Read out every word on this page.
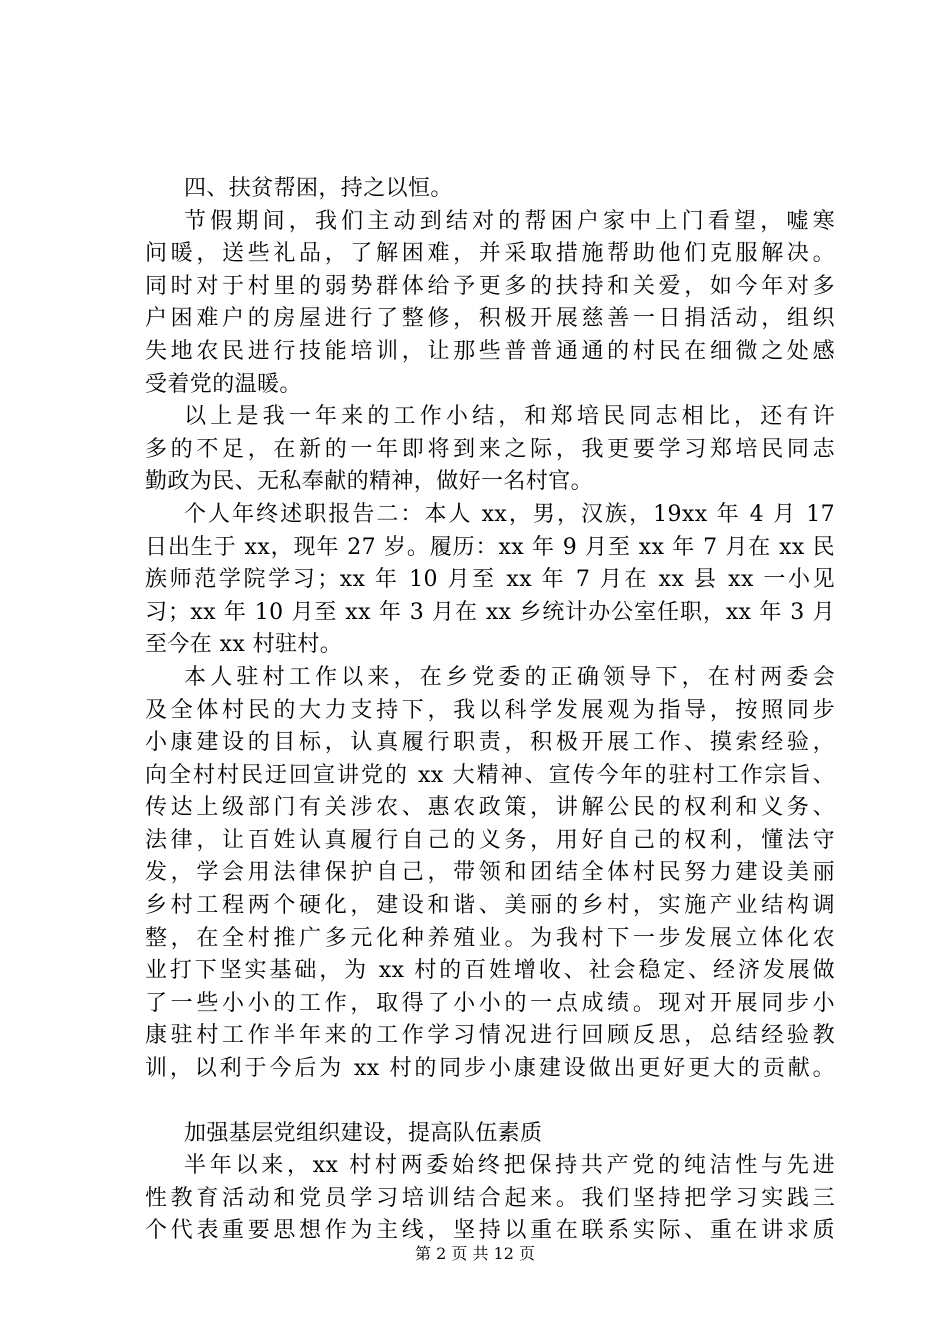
四、扶贫帮困，持之以恒。
节假期间，我们主动到结对的帮困户家中上门看望，嘘寒
问暖，送些礼品，了解困难，并采取措施帮助他们克服解决。
同时对于村里的弱势群体给予更多的扶持和关爱，如今年对多
户困难户的房屋进行了整修，积极开展慈善一日捐活动，组织
失地农民进行技能培训，让那些普普通通的村民在细微之处感
受着党的温暖。
以上是我一年来的工作小结，和郑培民同志相比，还有许
多的不足，在新的一年即将到来之际，我更要学习郑培民同志
勤政为民、无私奉献的精神，做好一名村官。
个人年终述职报告二：本人 xx，男，汉族，19xx 年 4 月 17
日出生于 xx，现年 27 岁。履历：xx 年 9 月至 xx 年 7 月在 xx 民
族师范学院学习；xx 年 10 月至 xx 年 7 月在 xx 县 xx 一小见
习；xx 年 10 月至 xx 年 3 月在 xx 乡统计办公室任职，xx 年 3 月
至今在 xx 村驻村。
本人驻村工作以来，在乡党委的正确领导下，在村两委会
及全体村民的大力支持下，我以科学发展观为指导，按照同步
小康建设的目标，认真履行职责，积极开展工作、摸索经验，
向全村村民迂回宣讲党的 xx 大精神、宣传今年的驻村工作宗旨、
传达上级部门有关涉农、惠农政策，讲解公民的权利和义务、
法律，让百姓认真履行自己的义务，用好自己的权利，懂法守
发，学会用法律保护自己，带领和团结全体村民努力建设美丽
乡村工程两个硬化，建设和谐、美丽的乡村，实施产业结构调
整，在全村推广多元化种养殖业。为我村下一步发展立体化农
业打下坚实基础，为 xx 村的百姓增收、社会稳定、经济发展做
了一些小小的工作，取得了小小的一点成绩。现对开展同步小
康驻村工作半年来的工作学习情况进行回顾反思，总结经验教
训，以利于今后为 xx 村的同步小康建设做出更好更大的贡献。
加强基层党组织建设，提高队伍素质
半年以来，xx 村村两委始终把保持共产党的纯洁性与先进
性教育活动和党员学习培训结合起来。我们坚持把学习实践三
个代表重要思想作为主线，坚持以重在联系实际、重在讲求质
第 2 页 共 12 页
